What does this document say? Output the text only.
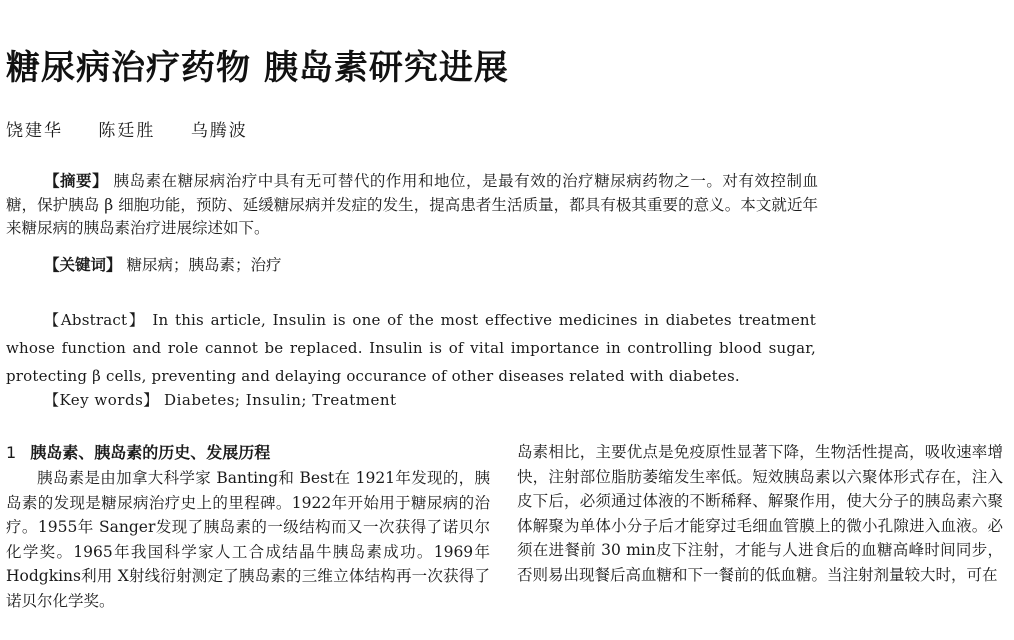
糖尿病治疗药物 胰岛素研究进展
饶建华 陈廷胜 乌腾波
【摘要】 胰岛素在糖尿病治疗中具有无可替代的作用和地位，是最有效的治疗糖尿病药物之一。对有效控制血糖，保护胰岛 β 细胞功能，预防、延缓糖尿病并发症的发生，提高患者生活质量，都具有极其重要的意义。本文就近年来糖尿病的胰岛素治疗进展综述如下。
【关键词】 糖尿病；胰岛素；治疗
【Abstract】 In this article, Insulin is one of the most effective medicines in diabetes treatment whose function and role cannot be replaced. Insulin is of vital importance in controlling blood sugar, protecting β cells, preventing and delaying occurance of other diseases related with diabetes.
【Key words】 Diabetes; Insulin; Treatment
1 胰岛素、胰岛素的历史、发展历程

胰岛素是由加拿大科学家 Banting和 Best在 1921年发现的，胰岛素的发现是糖尿病治疗史上的里程碑。1922年开始用于糖尿病的治疗。1955年 Sanger发现了胰岛素的一级结构而又一次获得了诺贝尔化学奖。1965年我国科学家人工合成结晶牛胰岛素成功。1969年 Hodgkins利用 X射线衍射测定了胰岛素的三维立体结构再一次获得了诺贝尔化学奖。

岛素相比，主要优点是免疫原性显著下降，生物活性提高，吸收速率增快，注射部位脂肪萎缩发生率低。短效胰岛素以六聚体形式存在，注入皮下后，必须通过体液的不断稀释、解聚作用，使大分子的胰岛素六聚体解聚为单体小分子后才能穿过毛细血管膜上的微小孔隙进入血液。必须在进餐前 30 min皮下注射，才能与人进食后的血糖高峰时间同步，否则易出现餐后高血糖和下一餐前的低血糖。当注射剂量较大时，可在
